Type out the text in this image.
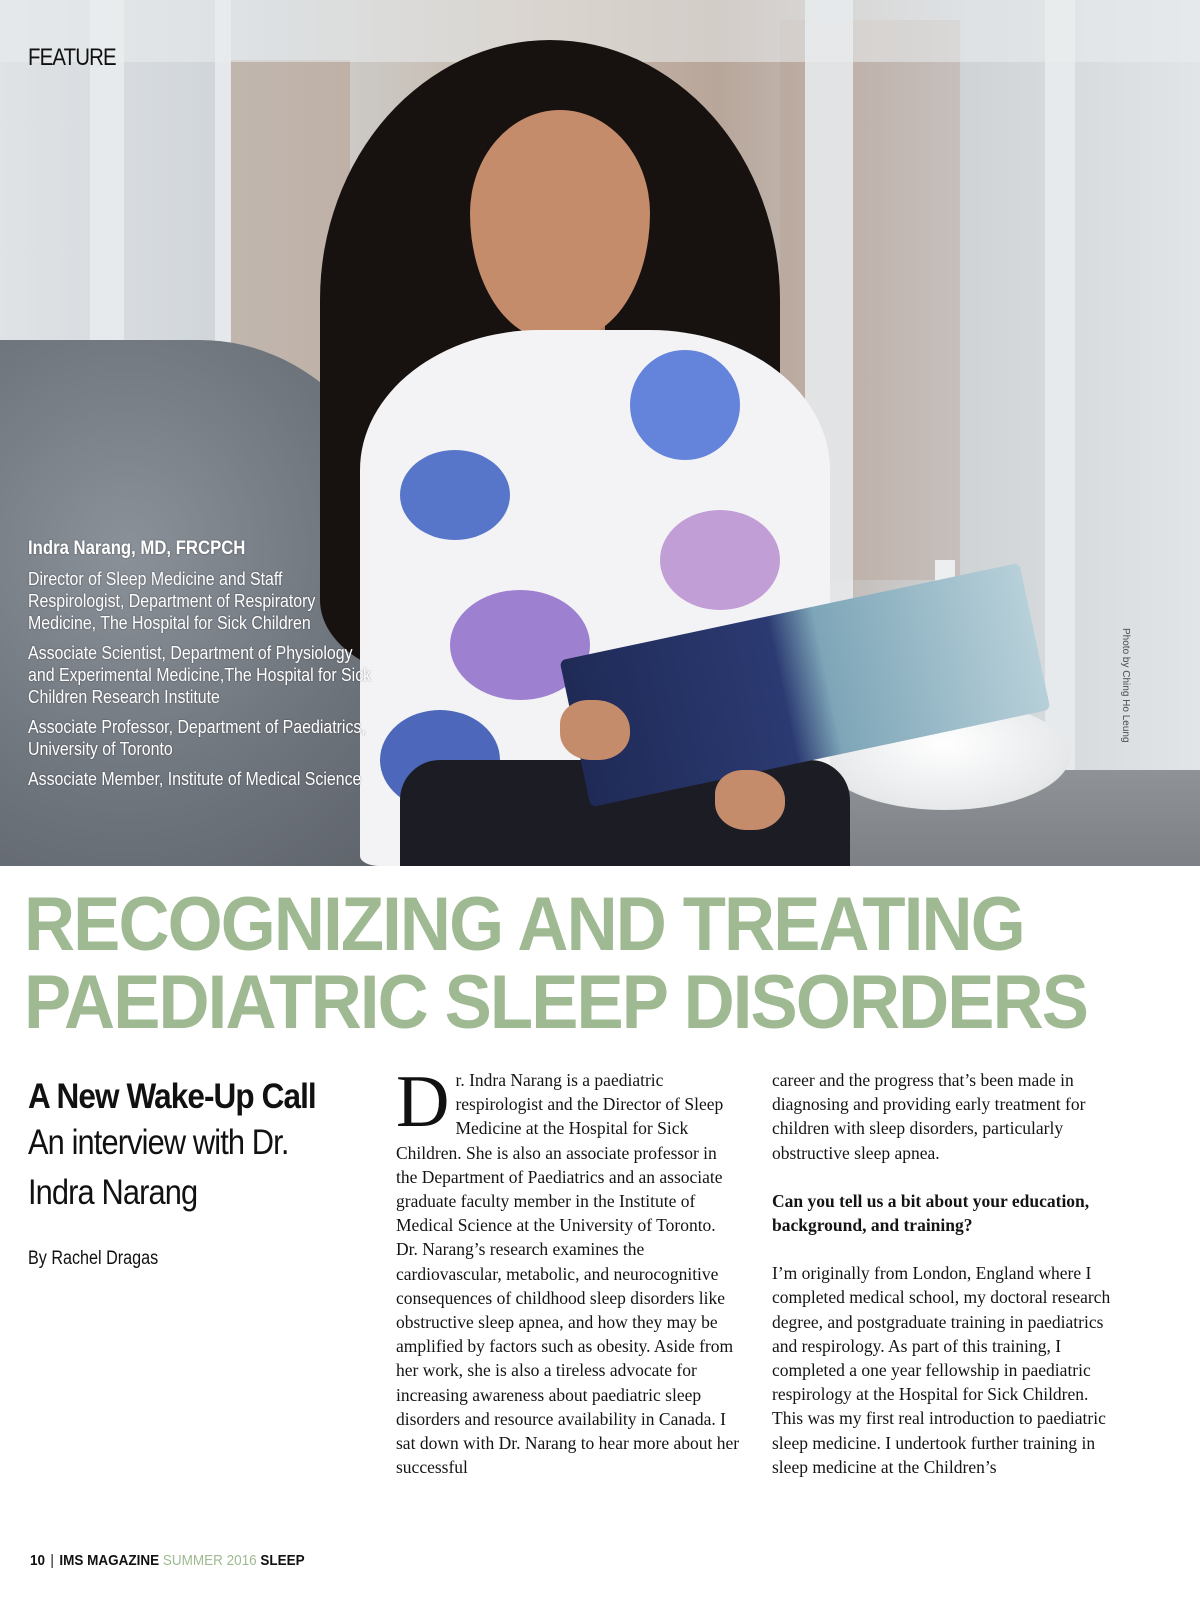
Photo by Ching Ho Leung
FEATURE

Indra Narang, MD, FRCPCH

Director of Sleep Medicine and Staff Respirologist, Department of Respiratory Medicine, The Hospital for Sick Children

Associate Scientist, Department of Physiology and Experimental Medicine,The Hospital for Sick Children Research Institute

Associate Professor, Department of Paediatrics, University of Toronto

Associate Member, Institute of Medical Science

RECOGNIZING AND TREATING
PAEDIATRIC SLEEP DISORDERS

A New Wake-Up Call

An interview with Dr. Indra Narang

By Rachel Dragas

Dr. Indra Narang is a paediatric respirologist and the Director of Sleep Medicine at the Hospital for Sick Children. She is also an associate professor in the Department of Paediatrics and an associate graduate faculty member in the Institute of Medical Science at the University of Toronto. Dr. Narang’s research examines the cardiovascular, metabolic, and neurocognitive consequences of childhood sleep disorders like obstructive sleep apnea, and how they may be amplified by factors such as obesity. Aside from her work, she is also a tireless advocate for increasing awareness about paediatric sleep disorders and resource availability in Canada. I sat down with Dr. Narang to hear more about her successful

career and the progress that’s been made in diagnosing and providing early treatment for children with sleep disorders, particularly obstructive sleep apnea.

Can you tell us a bit about your education, background, and training?

I’m originally from London, England where I completed medical school, my doctoral research degree, and postgraduate training in paediatrics and respirology. As part of this training, I completed a one year fellowship in paediatric respirology at the Hospital for Sick Children. This was my first real introduction to paediatric sleep medicine. I undertook further training in sleep medicine at the Children’s

10 | IMS MAGAZINE SUMMER 2016 SLEEP
